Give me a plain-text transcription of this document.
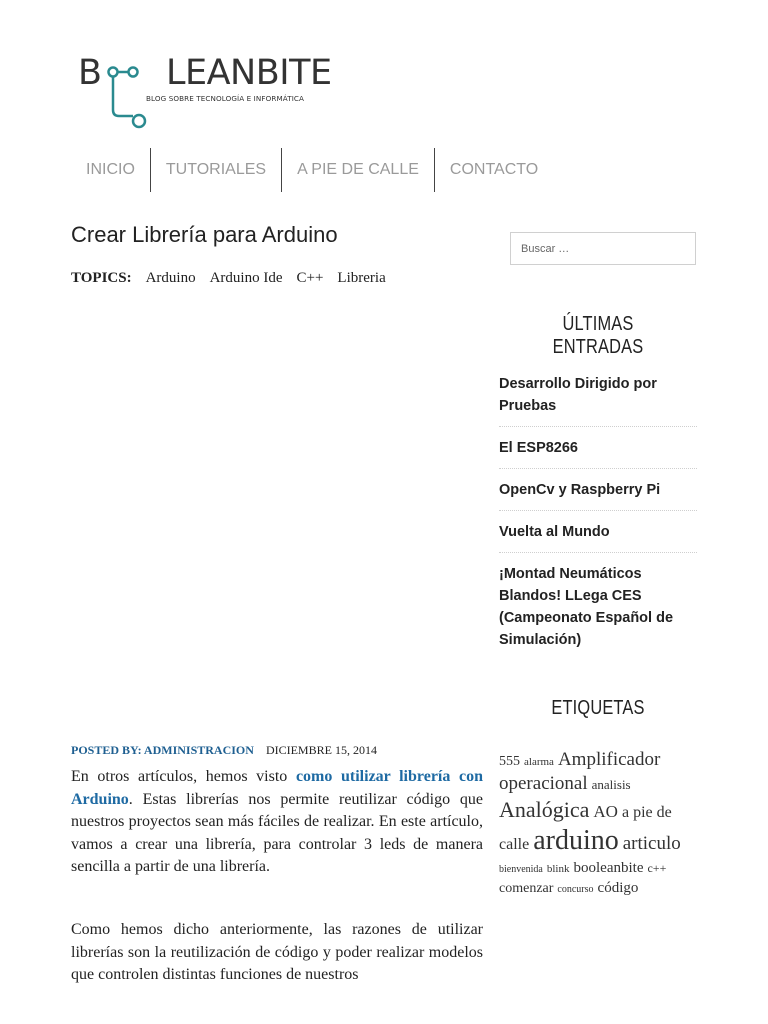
B LEANBITE
BLOG SOBRE TECNOLOGÍA E INFORMÁTICA
INICIO	TUTORIALES	A PIE DE CALLE	CONTACTO
Crear Librería para Arduino
TOPICS: Arduino Arduino Ide C++ Libreria
POSTED BY: ADMINISTRACION DICIEMBRE 15, 2014

En otros artículos, hemos visto como utilizar librería con Arduino. Estas librerías nos permite reutilizar código que nuestros proyectos sean más fáciles de realizar. En este artículo, vamos a crear una librería, para controlar 3 leds de manera sencilla a partir de una librería.

Como hemos dicho anteriormente, las razones de utilizar librerías son la reutilización de código y poder realizar modelos que controlen distintas funciones de nuestros

Buscar …
ÚLTIMAS ENTRADAS
Desarrollo Dirigido por Pruebas
El ESP8266
OpenCv y Raspberry Pi
Vuelta al Mundo
¡Montad Neumáticos Blandos! LLega CES (Campeonato Español de Simulación)
ETIQUETAS
555 alarma Amplificador operacional analisis Analógica AO a pie de calle arduino articulo bienvenida blink booleanbite c++ comenzar concurso código
